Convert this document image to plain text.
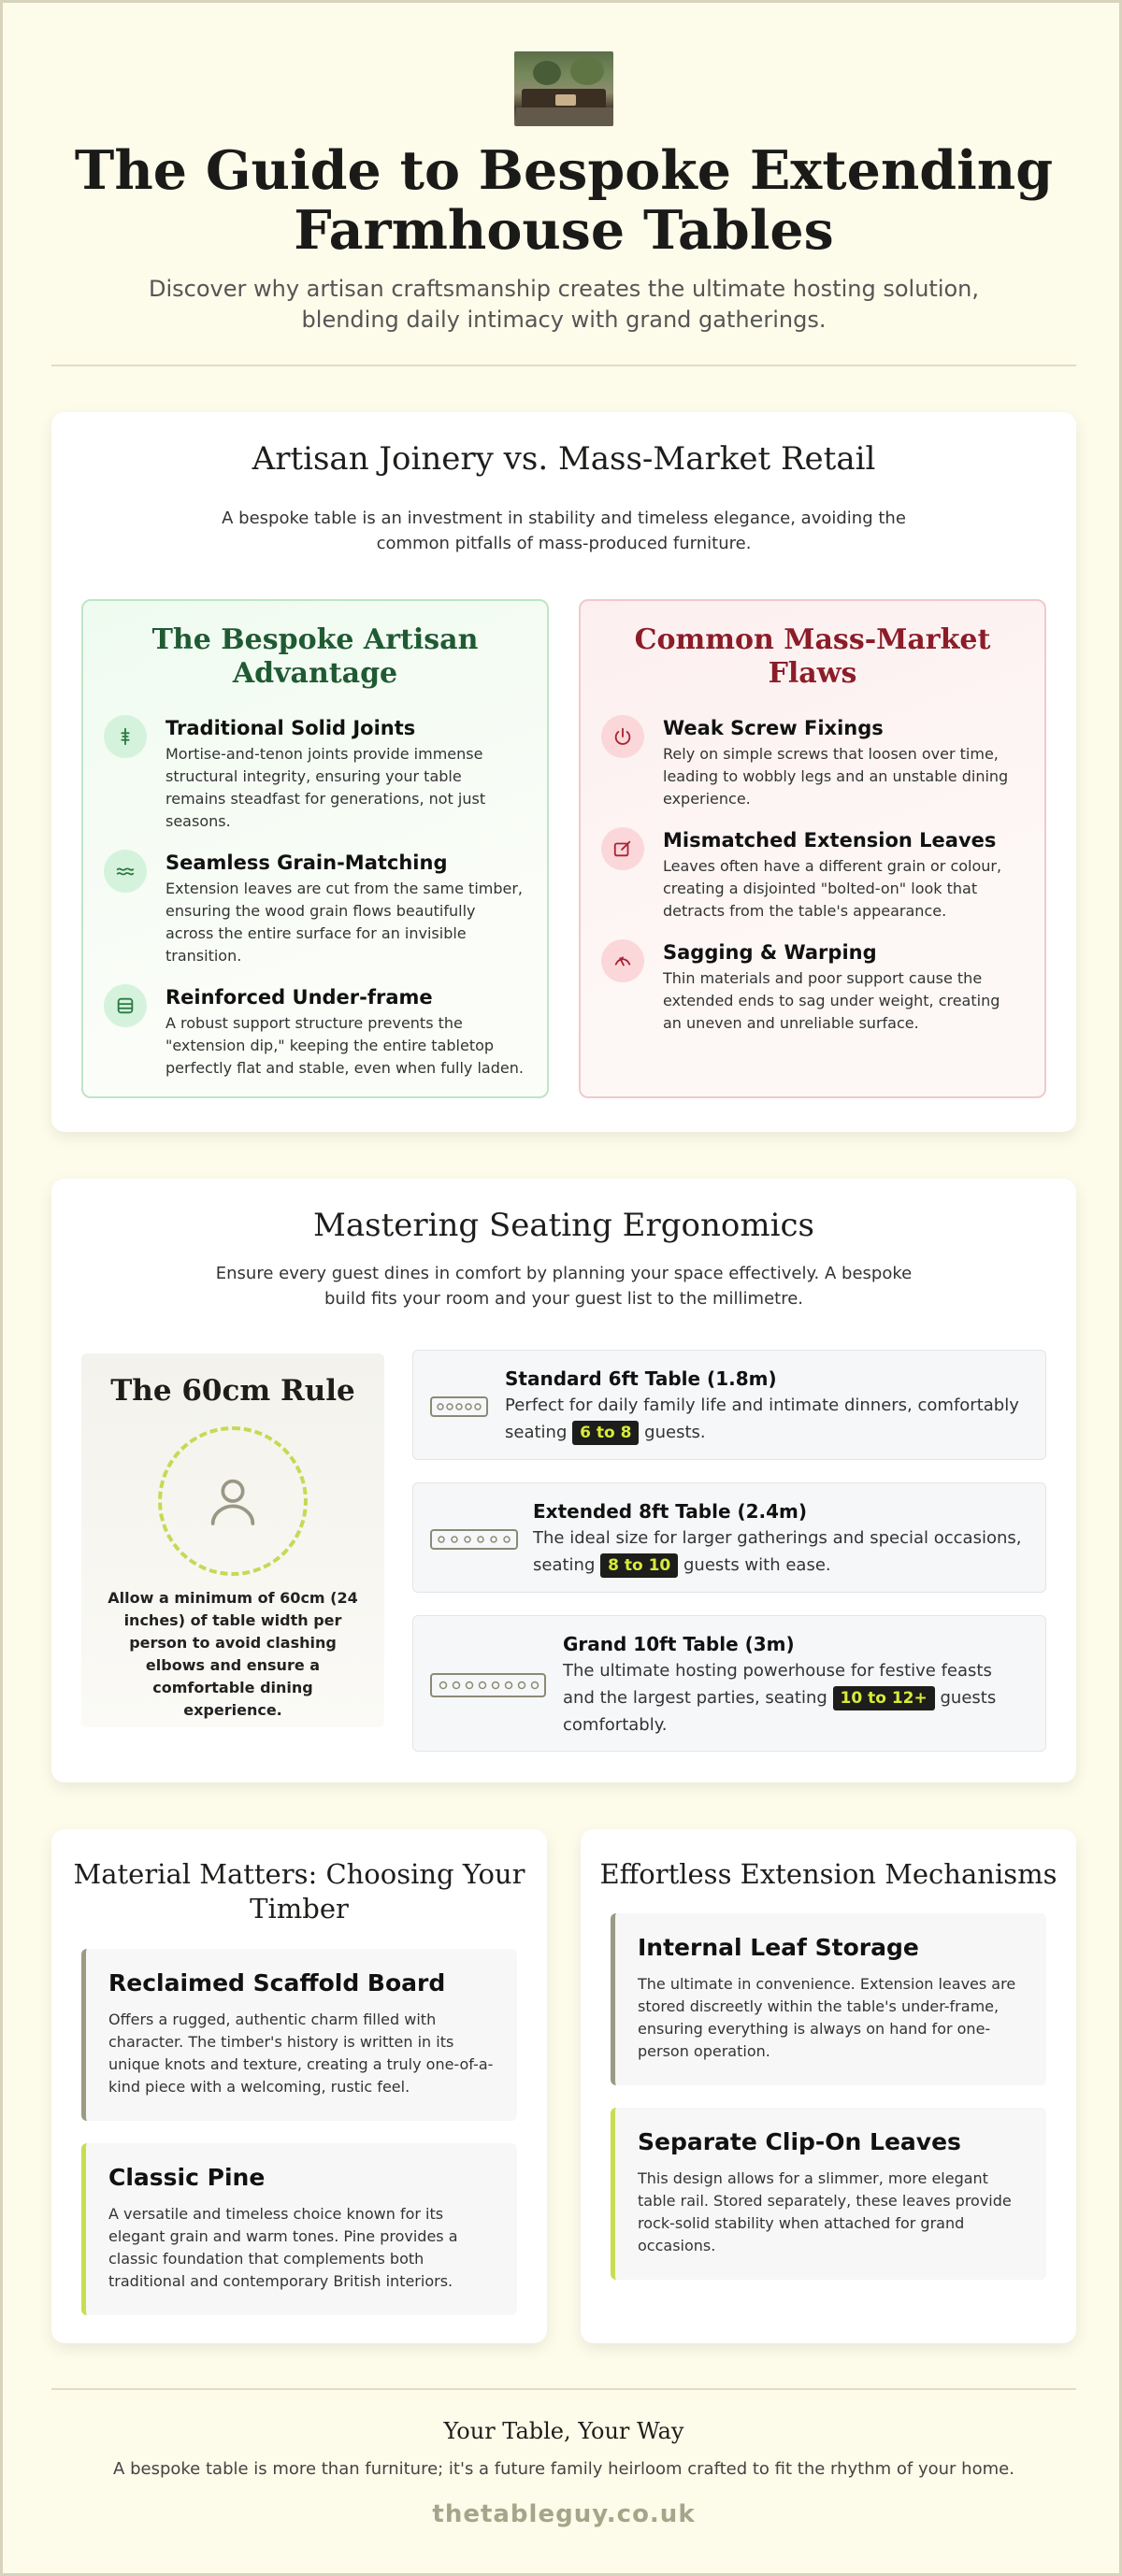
The Guide to Bespoke Extending
Farmhouse Tables
Discover why artisan craftsmanship creates the ultimate hosting solution,
blending daily intimacy with grand gatherings.
Artisan Joinery vs. Mass-Market Retail
A bespoke table is an investment in stability and timeless elegance, avoiding the
common pitfalls of mass-produced furniture.
The Bespoke Artisan
Advantage
Traditional Solid Joints
Mortise-and-tenon joints provide immense
structural integrity, ensuring your table
remains steadfast for generations, not just
seasons.
Seamless Grain-Matching
Extension leaves are cut from the same timber,
ensuring the wood grain flows beautifully
across the entire surface for an invisible
transition.
Reinforced Under-frame
A robust support structure prevents the
"extension dip," keeping the entire tabletop
perfectly flat and stable, even when fully laden.
Common Mass-Market
Flaws
Weak Screw Fixings
Rely on simple screws that loosen over time,
leading to wobbly legs and an unstable dining
experience.
Mismatched Extension Leaves
Leaves often have a different grain or colour,
creating a disjointed "bolted-on" look that
detracts from the table's appearance.
Sagging & Warping
Thin materials and poor support cause the
extended ends to sag under weight, creating
an uneven and unreliable surface.
Mastering Seating Ergonomics
Ensure every guest dines in comfort by planning your space effectively. A bespoke
build fits your room and your guest list to the millimetre.
The 60cm Rule
Allow a minimum of 60cm (24
inches) of table width per
person to avoid clashing
elbows and ensure a
comfortable dining
experience.
Standard 6ft Table (1.8m)
Perfect for daily family life and intimate dinners, comfortably
seating 6 to 8 guests.
Extended 8ft Table (2.4m)
The ideal size for larger gatherings and special occasions,
seating 8 to 10 guests with ease.
Grand 10ft Table (3m)
The ultimate hosting powerhouse for festive feasts
and the largest parties, seating 10 to 12+ guests
comfortably.
Material Matters: Choosing Your
Timber
Reclaimed Scaffold Board
Offers a rugged, authentic charm filled with
character. The timber's history is written in its
unique knots and texture, creating a truly one-of-a-
kind piece with a welcoming, rustic feel.
Classic Pine
A versatile and timeless choice known for its
elegant grain and warm tones. Pine provides a
classic foundation that complements both
traditional and contemporary British interiors.
Effortless Extension Mechanisms
Internal Leaf Storage
The ultimate in convenience. Extension leaves are
stored discreetly within the table's under-frame,
ensuring everything is always on hand for one-
person operation.
Separate Clip-On Leaves
This design allows for a slimmer, more elegant
table rail. Stored separately, these leaves provide
rock-solid stability when attached for grand
occasions.
Your Table, Your Way
A bespoke table is more than furniture; it's a future family heirloom crafted to fit the rhythm of your home.
thetableguy.co.uk
